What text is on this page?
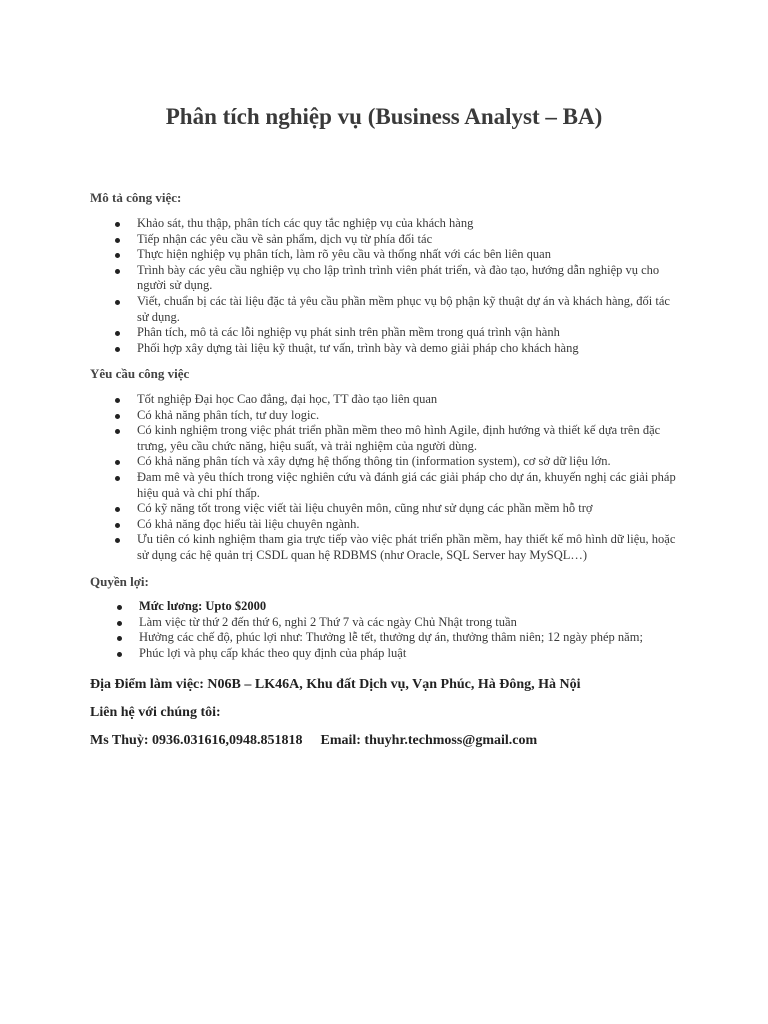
Phân tích nghiệp vụ (Business Analyst – BA)

Mô tả công việc:

Khảo sát, thu thập, phân tích các quy tắc nghiệp vụ của khách hàng
Tiếp nhận các yêu cầu về sản phẩm, dịch vụ từ phía đối tác
Thực hiện nghiệp vụ phân tích, làm rõ yêu cầu và thống nhất với các bên liên quan
Trình bày các yêu cầu nghiệp vụ cho lập trình trình viên phát triển, và đào tạo, hướng dẫn nghiệp vụ cho người sử dụng.
Viết, chuẩn bị các tài liệu đặc tả yêu cầu phần mềm phục vụ bộ phận kỹ thuật dự án và khách hàng, đối tác sử dụng.
Phân tích, mô tả các lỗi nghiệp vụ phát sinh trên phần mềm trong quá trình vận hành
Phối hợp xây dựng tài liệu kỹ thuật, tư vấn, trình bày và demo giải pháp cho khách hàng

Yêu cầu công việc

Tốt nghiệp Đại học Cao đẳng, đại học, TT đào tạo liên quan
Có khả năng phân tích, tư duy logic.
Có kinh nghiệm trong việc phát triển phần mềm theo mô hình Agile, định hướng và thiết kế dựa trên đặc trưng, yêu cầu chức năng, hiệu suất, và trải nghiệm của người dùng.
Có khả năng phân tích và xây dựng hệ thống thông tin (information system), cơ sở dữ liệu lớn.
Đam mê và yêu thích trong việc nghiên cứu và đánh giá các giải pháp cho dự án, khuyến nghị các giải pháp hiệu quả và chi phí thấp.
Có kỹ năng tốt trong việc viết tài liệu chuyên môn, cũng như sử dụng các phần mềm hỗ trợ
Có khả năng đọc hiểu tài liệu chuyên ngành.
Ưu tiên có kinh nghiệm tham gia trực tiếp vào việc phát triển phần mềm, hay thiết kế mô hình dữ liệu, hoặc sử dụng các hệ quản trị CSDL quan hệ RDBMS (như Oracle, SQL Server hay MySQL…)

Quyền lợi:

Mức lương: Upto $2000
Làm việc từ thứ 2 đến thứ 6, nghỉ 2 Thứ 7 và các ngày Chủ Nhật trong tuần
Hưởng các chế độ, phúc lợi như: Thưởng lễ tết, thưởng dự án, thưởng thâm niên; 12 ngày phép năm;
Phúc lợi và phụ cấp khác theo quy định của pháp luật

Địa Điểm làm việc: N06B – LK46A, Khu đất Dịch vụ, Vạn Phúc, Hà Đông, Hà Nội

Liên hệ với chúng tôi:

Ms Thuỳ: 0936.031616,0948.851818 Email: thuyhr.techmoss@gmail.com
